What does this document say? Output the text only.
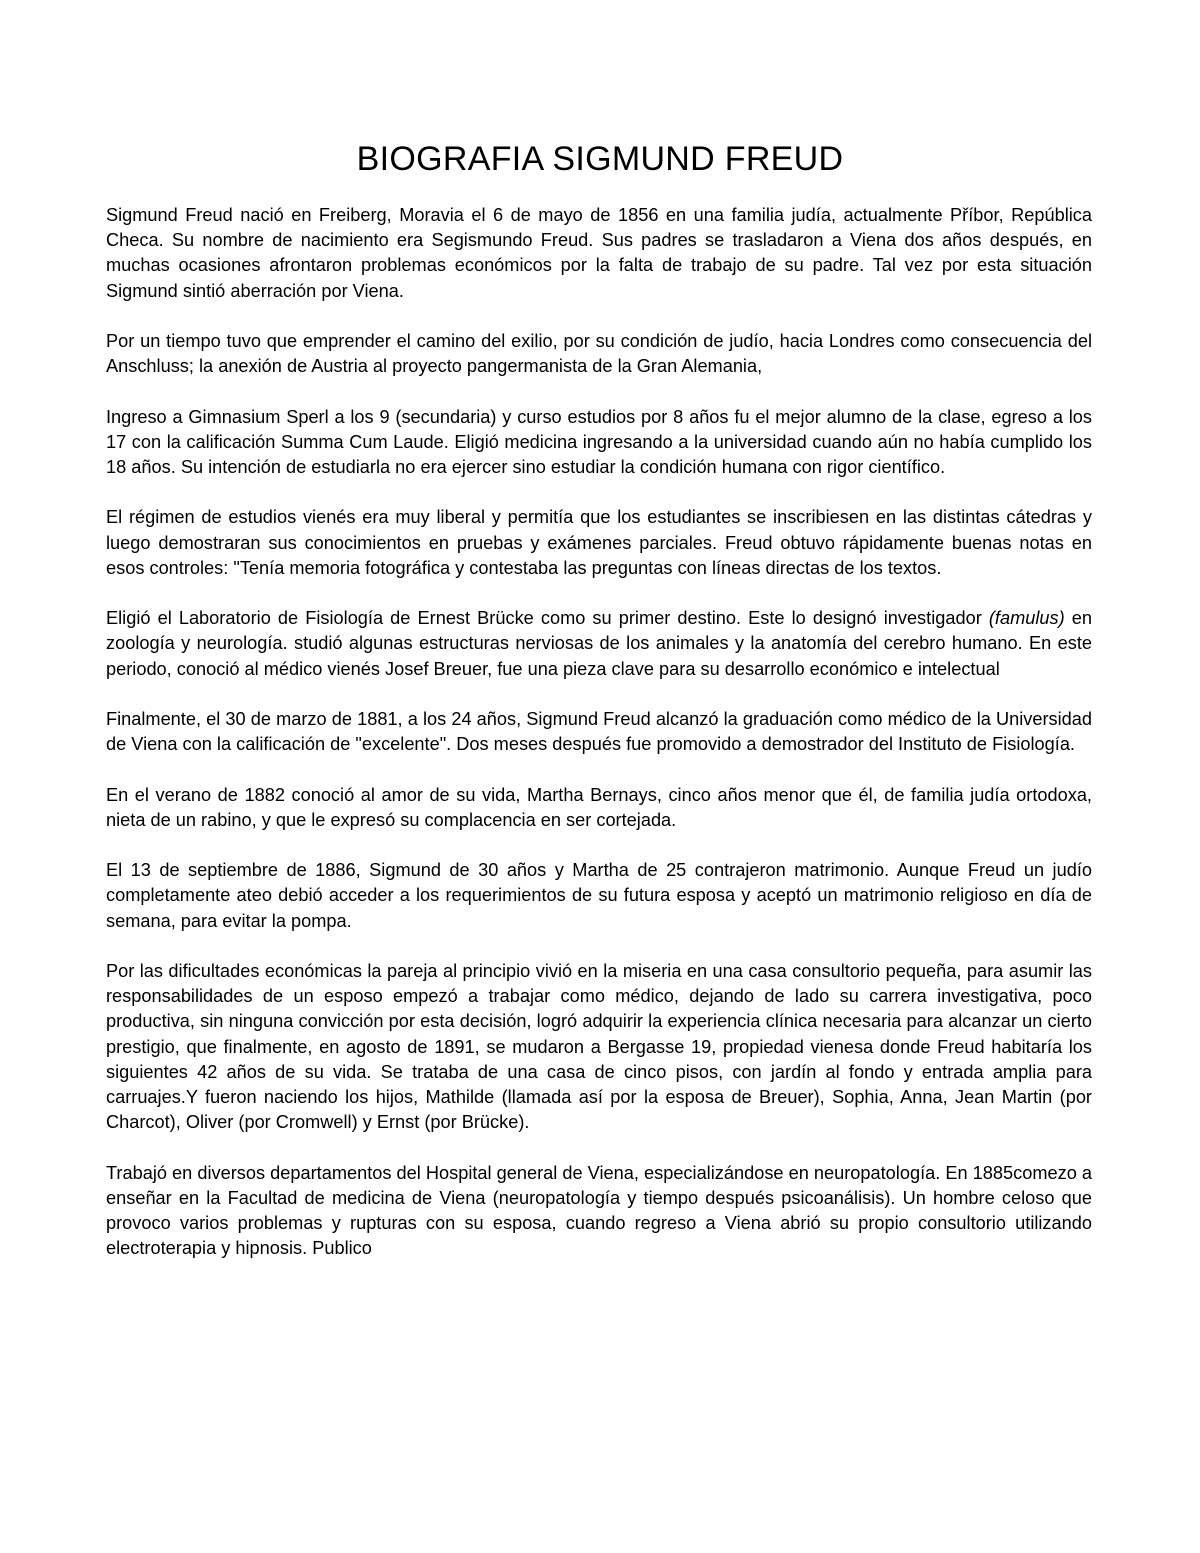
BIOGRAFIA SIGMUND FREUD

Sigmund Freud nació en Freiberg, Moravia el 6 de mayo de 1856 en una familia judía, actualmente Příbor, República Checa. Su nombre de nacimiento era Segismundo Freud. Sus padres se trasladaron a Viena dos años después, en muchas ocasiones afrontaron problemas económicos por la falta de trabajo de su padre. Tal vez por esta situación Sigmund sintió aberración por Viena.

Por un tiempo tuvo que emprender el camino del exilio, por su condición de judío, hacia Londres como consecuencia del Anschluss; la anexión de Austria al proyecto pangermanista de la Gran Alemania,

Ingreso a Gimnasium Sperl a los 9 (secundaria) y curso estudios por 8 años fu el mejor alumno de la clase, egreso a los 17 con la calificación Summa Cum Laude. Eligió medicina ingresando a la universidad cuando aún no había cumplido los 18 años. Su intención de estudiarla no era ejercer sino estudiar la condición humana con rigor científico.

El régimen de estudios vienés era muy liberal y permitía que los estudiantes se inscribiesen en las distintas cátedras y luego demostraran sus conocimientos en pruebas y exámenes parciales. Freud obtuvo rápidamente buenas notas en esos controles: "Tenía memoria fotográfica y contestaba las preguntas con líneas directas de los textos.

Eligió el Laboratorio de Fisiología de Ernest Brücke como su primer destino. Este lo designó investigador (famulus) en zoología y neurología. studió algunas estructuras nerviosas de los animales y la anatomía del cerebro humano. En este periodo, conoció al médico vienés Josef Breuer, fue una pieza clave para su desarrollo económico e intelectual

Finalmente, el 30 de marzo de 1881, a los 24 años, Sigmund Freud alcanzó la graduación como médico de la Universidad de Viena con la calificación de "excelente". Dos meses después fue promovido a demostrador del Instituto de Fisiología.

En el verano de 1882 conoció al amor de su vida, Martha Bernays, cinco años menor que él, de familia judía ortodoxa, nieta de un rabino, y que le expresó su complacencia en ser cortejada.

El 13 de septiembre de 1886, Sigmund de 30 años y Martha de 25 contrajeron matrimonio. Aunque Freud un judío completamente ateo debió acceder a los requerimientos de su futura esposa y aceptó un matrimonio religioso en día de semana, para evitar la pompa.

Por las dificultades económicas la pareja al principio vivió en la miseria en una casa consultorio pequeña, para asumir las responsabilidades de un esposo empezó a trabajar como médico, dejando de lado su carrera investigativa, poco productiva, sin ninguna convicción por esta decisión, logró adquirir la experiencia clínica necesaria para alcanzar un cierto prestigio, que finalmente, en agosto de 1891, se mudaron a Bergasse 19, propiedad vienesa donde Freud habitaría los siguientes 42 años de su vida. Se trataba de una casa de cinco pisos, con jardín al fondo y entrada amplia para carruajes.Y fueron naciendo los hijos, Mathilde (llamada así por la esposa de Breuer), Sophia, Anna, Jean Martin (por Charcot), Oliver (por Cromwell) y Ernst (por Brücke).

Trabajó en diversos departamentos del Hospital general de Viena, especializándose en neuropatología. En 1885comezo a enseñar en la Facultad de medicina de Viena (neuropatología y tiempo después psicoanálisis). Un hombre celoso que provoco varios problemas y rupturas con su esposa, cuando regreso a Viena abrió su propio consultorio utilizando electroterapia y hipnosis. Publico
